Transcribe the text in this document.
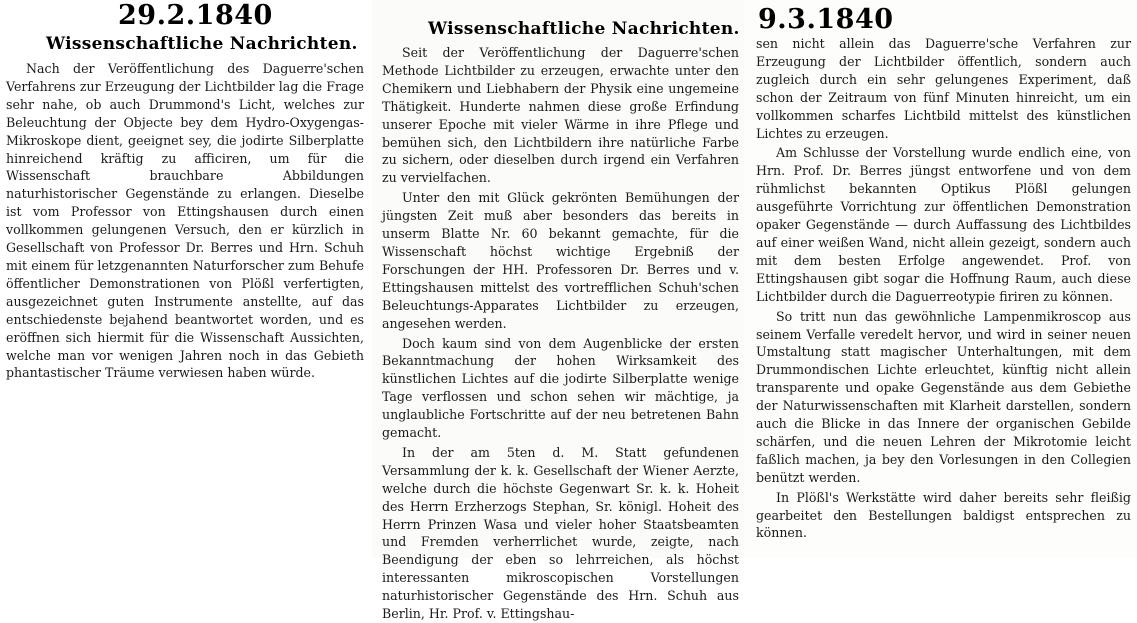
29.2.1840	9.3.1840
Wissenschaftliche Nachrichten.

Nach der Veröffentlichung des Daguerre'schen Verfahrens zur Erzeugung der Lichtbilder lag die Frage sehr nahe, ob auch Drummond's Licht, welches zur Beleuchtung der Objecte bey dem Hydro-Oxygengas-Mikroskope dient, geeignet sey, die jodirte Silberplatte hinreichend kräftig zu afficiren, um für die Wissenschaft brauchbare Abbildungen naturhistorischer Gegenstände zu erlangen. Dieselbe ist vom Professor von Ettingshausen durch einen vollkommen gelungenen Versuch, den er kürzlich in Gesellschaft von Professor Dr. Berres und Hrn. Schuh mit einem für letzgenannten Naturforscher zum Behufe öffentlicher Demonstrationen von Plößl verfertigten, ausgezeichnet guten Instrumente anstellte, auf das entschiedenste bejahend beantwortet worden, und es eröffnen sich hiermit für die Wissenschaft Aussichten, welche man vor wenigen Jahren noch in das Gebieth phantastischer Träume verwiesen haben würde.

Wissenschaftliche Nachrichten.

Seit der Veröffentlichung der Daguerre'schen Methode Lichtbilder zu erzeugen, erwachte unter den Chemikern und Liebhabern der Physik eine ungemeine Thätigkeit. Hunderte nahmen diese große Erfindung unserer Epoche mit vieler Wärme in ihre Pflege und bemühen sich, den Lichtbildern ihre natürliche Farbe zu sichern, oder dieselben durch irgend ein Verfahren zu vervielfachen.

Unter den mit Glück gekrönten Bemühungen der jüngsten Zeit muß aber besonders das bereits in unserm Blatte Nr. 60 bekannt gemachte, für die Wissenschaft höchst wichtige Ergebniß der Forschungen der HH. Professoren Dr. Berres und v. Ettingshausen mittelst des vortrefflichen Schuh'schen Beleuchtungs-Apparates Lichtbilder zu erzeugen, angesehen werden.

Doch kaum sind von dem Augenblicke der ersten Bekanntmachung der hohen Wirksamkeit des künstlichen Lichtes auf die jodirte Silberplatte wenige Tage verflossen und schon sehen wir mächtige, ja unglaubliche Fortschritte auf der neu betretenen Bahn gemacht.

In der am 5ten d. M. Statt gefundenen Versammlung der k. k. Gesellschaft der Wiener Aerzte, welche durch die höchste Gegenwart Sr. k. k. Hoheit des Herrn Erzherzogs Stephan, Sr. königl. Hoheit des Herrn Prinzen Wasa und vieler hoher Staatsbeamten und Fremden verherrlichet wurde, zeigte, nach Beendigung der eben so lehrreichen, als höchst interessanten mikroscopischen Vorstellungen naturhistorischer Gegenstände des Hrn. Schuh aus Berlin, Hr. Prof. v. Ettingshau-

sen nicht allein das Daguerre'sche Verfahren zur Erzeugung der Lichtbilder öffentlich, sondern auch zugleich durch ein sehr gelungenes Experiment, daß schon der Zeitraum von fünf Minuten hinreicht, um ein vollkommen scharfes Lichtbild mittelst des künstlichen Lichtes zu erzeugen.

Am Schlusse der Vorstellung wurde endlich eine, von Hrn. Prof. Dr. Berres jüngst entworfene und von dem rühmlichst bekannten Optikus Plößl gelungen ausgeführte Vorrichtung zur öffentlichen Demonstration opaker Gegenstände — durch Auffassung des Lichtbildes auf einer weißen Wand, nicht allein gezeigt, sondern auch mit dem besten Erfolge angewendet. Prof. von Ettingshausen gibt sogar die Hoffnung Raum, auch diese Lichtbilder durch die Daguerreotypie firiren zu können.

So tritt nun das gewöhnliche Lampenmikroscop aus seinem Verfalle veredelt hervor, und wird in seiner neuen Umstaltung statt magischer Unterhaltungen, mit dem Drummondischen Lichte erleuchtet, künftig nicht allein transparente und opake Gegenstände aus dem Gebiethe der Naturwissenschaften mit Klarheit darstellen, sondern auch die Blicke in das Innere der organischen Gebilde schärfen, und die neuen Lehren der Mikrotomie leicht faßlich machen, ja bey den Vorlesungen in den Collegien benützt werden.

In Plößl's Werkstätte wird daher bereits sehr fleißig gearbeitet den Bestellungen baldigst entsprechen zu können.
